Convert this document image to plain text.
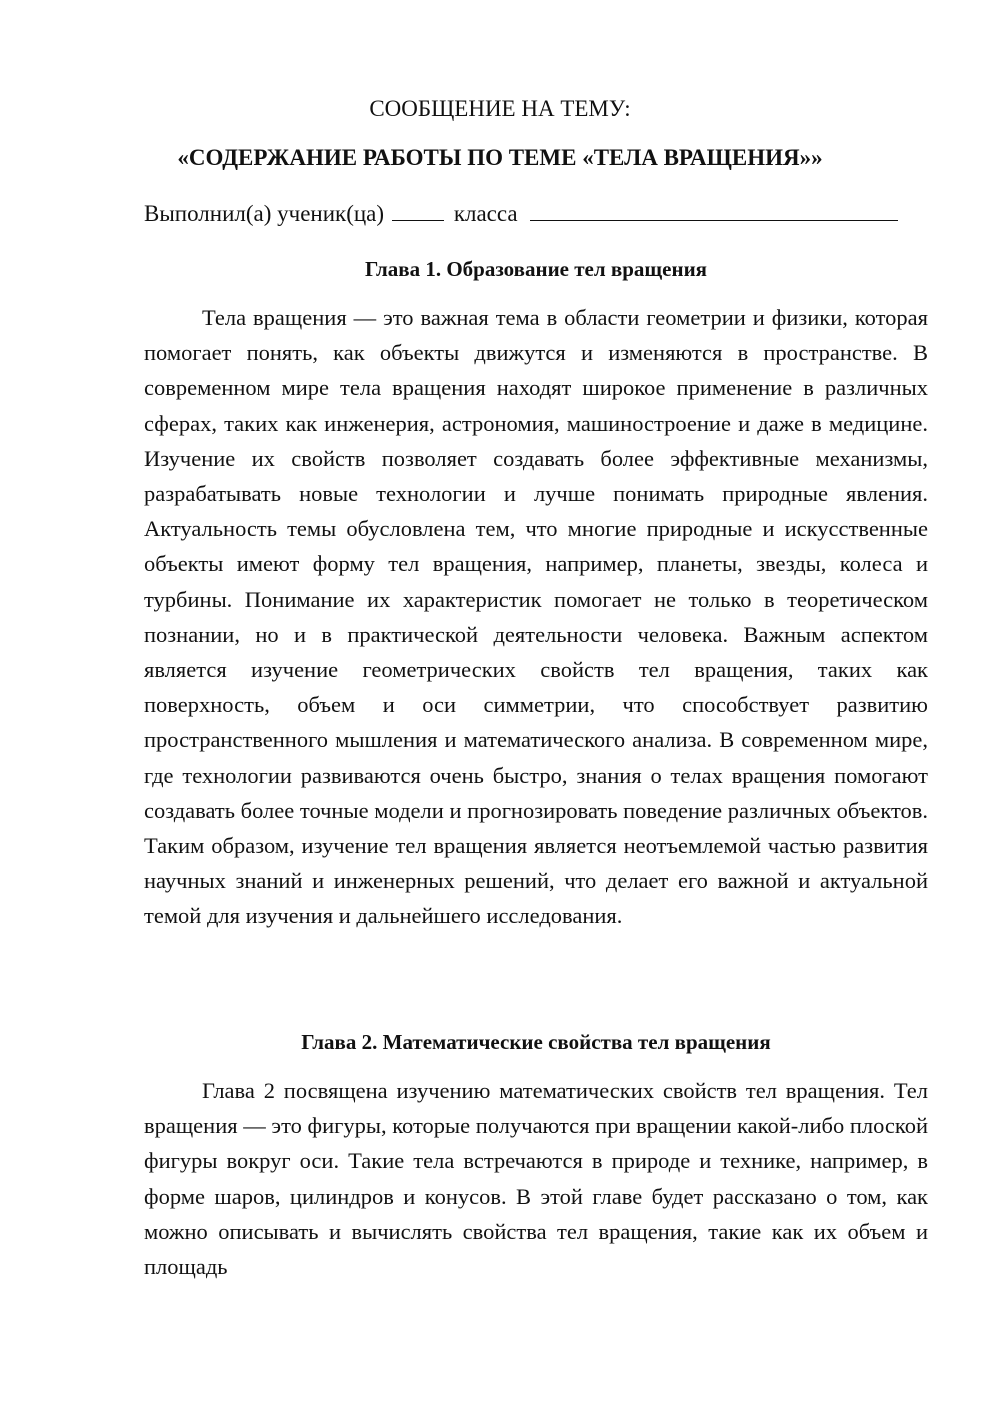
СООБЩЕНИЕ НА ТЕМУ:
«СОДЕРЖАНИЕ РАБОТЫ ПО ТЕМЕ «ТЕЛА ВРАЩЕНИЯ»»
Выполнил(а) ученик(ца)	класса
Глава 1. Образование тел вращения

Тела вращения — это важная тема в области геометрии и физики, которая помогает понять, как объекты движутся и изменяются в пространстве. В современном мире тела вращения находят широкое применение в различных сферах, таких как инженерия, астрономия, машиностроение и даже в медицине. Изучение их свойств позволяет создавать более эффективные механизмы, разрабатывать новые технологии и лучше понимать природные явления. Актуальность темы обусловлена тем, что многие природные и искусственные объекты имеют форму тел вращения, например, планеты, звезды, колеса и турбины. Понимание их характеристик помогает не только в теоретическом познании, но и в практической деятельности человека. Важным аспектом является изучение геометрических свойств тел вращения, таких как поверхность, объем и оси симметрии, что способствует развитию пространственного мышления и математического анализа. В современном мире, где технологии развиваются очень быстро, знания о телах вращения помогают создавать более точные модели и прогнозировать поведение различных объектов. Таким образом, изучение тел вращения является неотъемлемой частью развития научных знаний и инженерных решений, что делает его важной и актуальной темой для изучения и дальнейшего исследования.

Глава 2. Математические свойства тел вращения

Глава 2 посвящена изучению математических свойств тел вращения. Тел вращения — это фигуры, которые получаются при вращении какой-либо плоской фигуры вокруг оси. Такие тела встречаются в природе и технике, например, в форме шаров, цилиндров и конусов. В этой главе будет рассказано о том, как можно описывать и вычислять свойства тел вращения, такие как их объем и площадь
